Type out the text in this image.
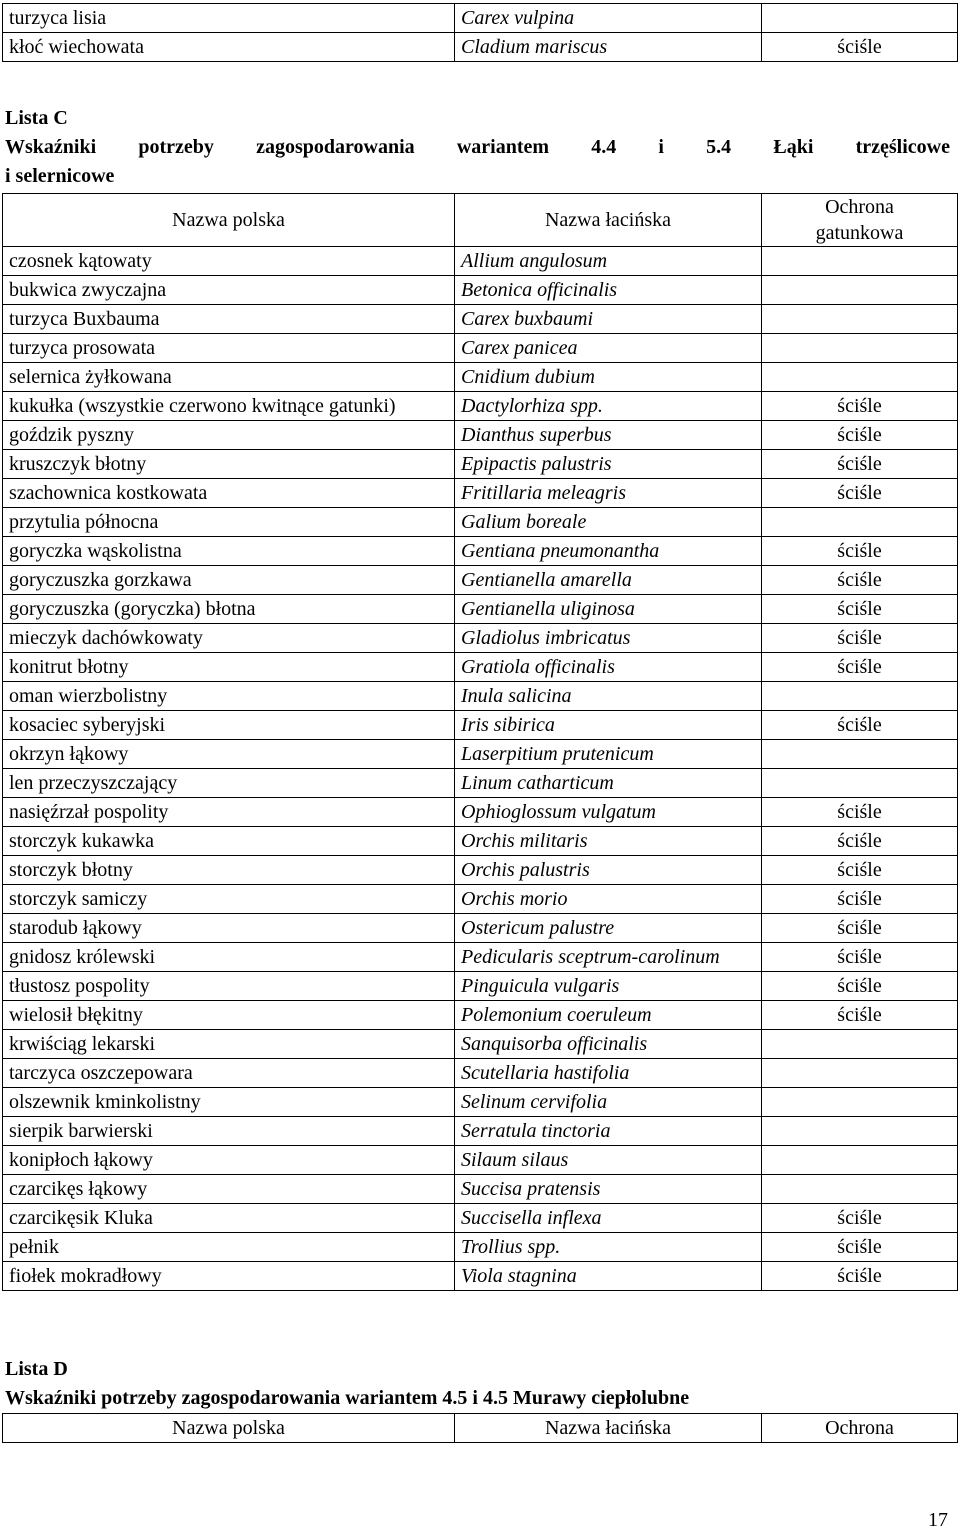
turzyca lisia	Carex vulpina	
kłoć wiechowata	Cladium mariscus	ściśle

Lista C

Wskaźniki potrzeby zagospodarowania wariantem 4.4 i 5.4 Łąki trzęślicowe

i selernicowe

Nazwa polska	Nazwa łacińska	Ochrona
gatunkowa
czosnek kątowaty	Allium angulosum	
bukwica zwyczajna	Betonica officinalis	
turzyca Buxbauma	Carex buxbaumi	
turzyca prosowata	Carex panicea	
selernica żyłkowana	Cnidium dubium	
kukułka (wszystkie czerwono kwitnące gatunki)	Dactylorhiza spp.	ściśle
goździk pyszny	Dianthus superbus	ściśle
kruszczyk błotny	Epipactis palustris	ściśle
szachownica kostkowata	Fritillaria meleagris	ściśle
przytulia północna	Galium boreale	
goryczka wąskolistna	Gentiana pneumonantha	ściśle
goryczuszka gorzkawa	Gentianella amarella	ściśle
goryczuszka (goryczka) błotna	Gentianella uliginosa	ściśle
mieczyk dachówkowaty	Gladiolus imbricatus	ściśle
konitrut błotny	Gratiola officinalis	ściśle
oman wierzbolistny	Inula salicina	
kosaciec syberyjski	Iris sibirica	ściśle
okrzyn łąkowy	Laserpitium prutenicum	
len przeczyszczający	Linum catharticum	
nasięźrzał pospolity	Ophioglossum vulgatum	ściśle
storczyk kukawka	Orchis militaris	ściśle
storczyk błotny	Orchis palustris	ściśle
storczyk samiczy	Orchis morio	ściśle
starodub łąkowy	Ostericum palustre	ściśle
gnidosz królewski	Pedicularis sceptrum-carolinum	ściśle
tłustosz pospolity	Pinguicula vulgaris	ściśle
wielosił błękitny	Polemonium coeruleum	ściśle
krwiściąg lekarski	Sanquisorba officinalis	
tarczyca oszczepowara	Scutellaria hastifolia	
olszewnik kminkolistny	Selinum cervifolia	
sierpik barwierski	Serratula tinctoria	
konipłoch łąkowy	Silaum silaus	
czarcikęs łąkowy	Succisa pratensis	
czarcikęsik Kluka	Succisella inflexa	ściśle
pełnik	Trollius spp.	ściśle
fiołek mokradłowy	Viola stagnina	ściśle

Lista D

Wskaźniki potrzeby zagospodarowania wariantem 4.5 i 4.5 Murawy ciepłolubne

Nazwa polska	Nazwa łacińska	Ochrona
17
